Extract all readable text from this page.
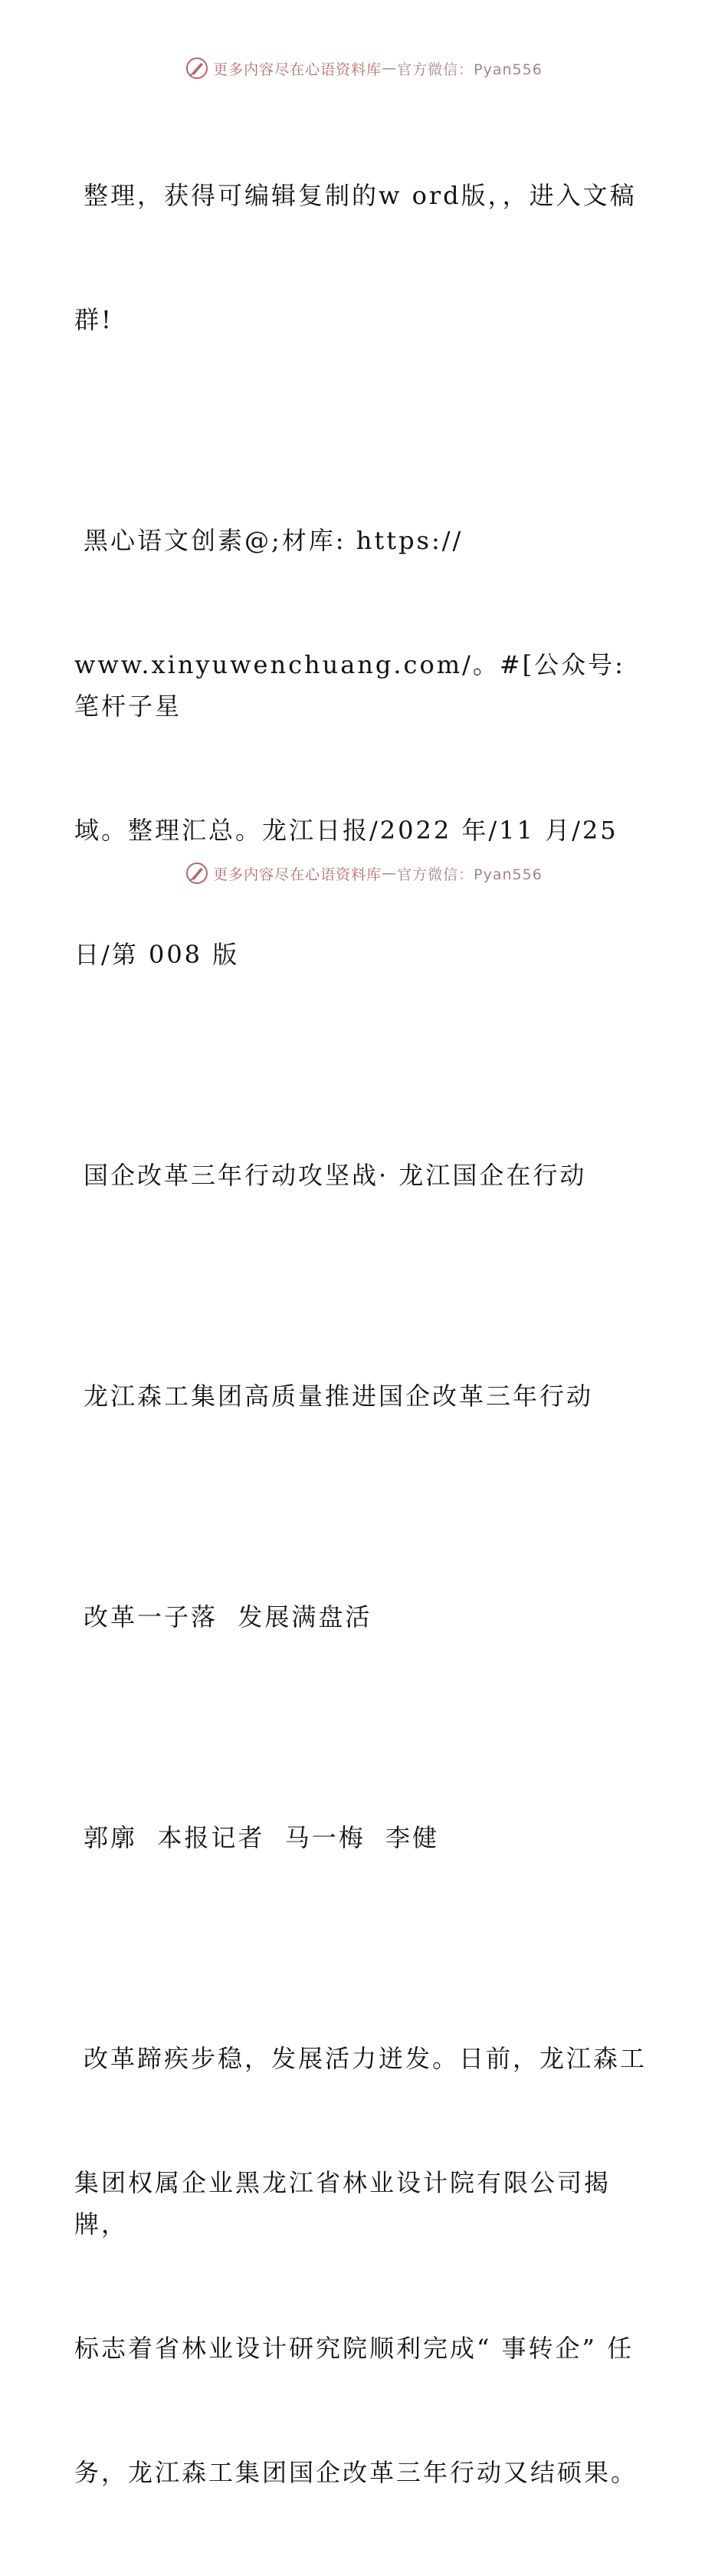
更多内容尽在心语资料库 — 官方微信：Pyan556

整理，获得可编辑复制的w ord版，，进入文稿

群!

黑心语文创素@;材库: https://

www.xinyuwenchuang.com/。#[公众号: 笔杆子星

域。整理汇总。龙江日报/2022 年/11 月/25

日/第 008 版

国企改革三年行动攻坚战· 龙江国企在行动

龙江森工集团高质量推进国企改革三年行动

改革一子落  发展满盘活

郭廓  本报记者  马一梅  李健

改革蹄疾步稳，发展活力迸发。日前，龙江森工

集团权属企业黑龙江省林业设计院有限公司揭牌，

标志着省林业设计研究院顺利完成“ 事转企” 任

务，龙江森工集团国企改革三年行动又结硕果。

更多内容尽在心语资料库 — 官方微信：Pyan556
